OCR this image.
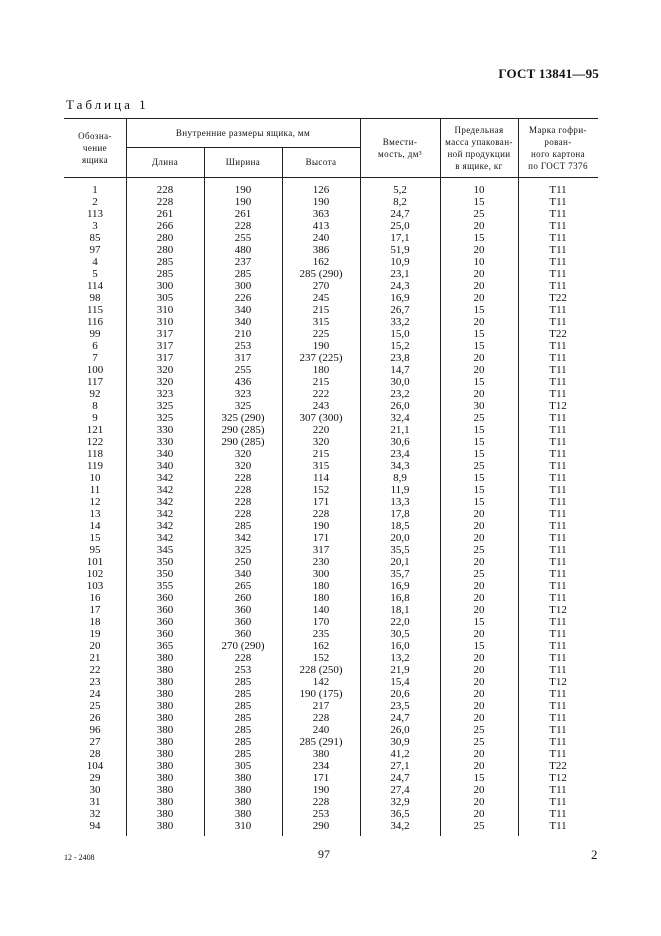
ГОСТ 13841—95
Таблица 1
Обозна-
чение
ящика
Внутренние размеры ящика, мм
Длина	Ширина	Высота
Вмести-
мость, дм³
Предельная
масса упакован-
ной продукции
в ящике, кг
Марка гофри-
рован-
ного картона
по ГОСТ 7376
1	228	190	126	5,2	10	Т11
2	228	190	190	8,2	15	Т11
113	261	261	363	24,7	25	Т11
3	266	228	413	25,0	20	Т11
85	280	255	240	17,1	15	Т11
97	280	480	386	51,9	20	Т11
4	285	237	162	10,9	10	Т11
5	285	285	285 (290)	23,1	20	Т11
114	300	300	270	24,3	20	Т11
98	305	226	245	16,9	20	Т22
115	310	340	215	26,7	15	Т11
116	310	340	315	33,2	20	Т11
99	317	210	225	15,0	15	Т22
6	317	253	190	15,2	15	Т11
7	317	317	237 (225)	23,8	20	Т11
100	320	255	180	14,7	20	Т11
117	320	436	215	30,0	15	Т11
92	323	323	222	23,2	20	Т11
8	325	325	243	26,0	30	Т12
9	325	325 (290)	307 (300)	32,4	25	Т11
121	330	290 (285)	220	21,1	15	Т11
122	330	290 (285)	320	30,6	15	Т11
118	340	320	215	23,4	15	Т11
119	340	320	315	34,3	25	Т11
10	342	228	114	8,9	15	Т11
11	342	228	152	11,9	15	Т11
12	342	228	171	13,3	15	Т11
13	342	228	228	17,8	20	Т11
14	342	285	190	18,5	20	Т11
15	342	342	171	20,0	20	Т11
95	345	325	317	35,5	25	Т11
101	350	250	230	20,1	20	Т11
102	350	340	300	35,7	25	Т11
103	355	265	180	16,9	20	Т11
16	360	260	180	16,8	20	Т11
17	360	360	140	18,1	20	Т12
18	360	360	170	22,0	15	Т11
19	360	360	235	30,5	20	Т11
20	365	270 (290)	162	16,0	15	Т11
21	380	228	152	13,2	20	Т11
22	380	253	228 (250)	21,9	20	Т11
23	380	285	142	15,4	20	Т12
24	380	285	190 (175)	20,6	20	Т11
25	380	285	217	23,5	20	Т11
26	380	285	228	24,7	20	Т11
96	380	285	240	26,0	25	Т11
27	380	285	285 (291)	30,9	25	Т11
28	380	285	380	41,2	20	Т11
104	380	305	234	27,1	20	Т22
29	380	380	171	24,7	15	Т12
30	380	380	190	27,4	20	Т11
31	380	380	228	32,9	20	Т11
32	380	380	253	36,5	20	Т11
94	380	310	290	34,2	25	Т11
12 - 2408	97	2
